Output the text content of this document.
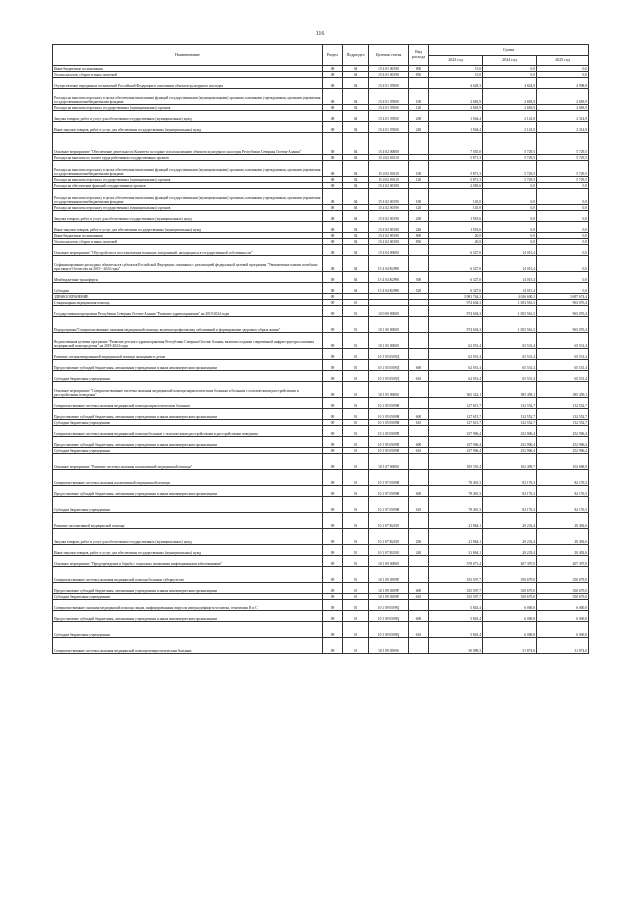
116
Наименование	Раздел	Подраздел	Целевая статья	Вид расхода	Сумма		
					2023 год	2024 год	2025 год
Иные бюджетные ассигнования	08	04	15 4 01 00190	800	15,0	0,0	0,0
Уплата налогов, сборов и иных платежей	08	04	15 4 01 00190	850	15,0	0,0	0,0
Осуществление переданных полномочий Российской Федерации в отношении объектов культурного наследия	08	04	15 4 01 59500		4 628,3	4 824,9	4 998,8
Расходы на выплаты персоналу в целях обеспечения выполнения функций государственными (муниципальными) органами, казенными учреждениями, органами управления государственными внебюджетными фондами	08	04	15 4 01 59500	100	2 683,9	2 683,9	2 683,9
Расходы на выплаты персоналу государственных (муниципальных) органов	08	04	15 4 01 59500	120	2 683,9	2 683,9	2 683,9
Закупка товаров, работ и услуг для обеспечения государственных (муниципальных) нужд	08	04	15 4 01 59500	200	1 944,4	2 141,0	2 314,9
Иные закупки товаров, работ и услуг для обеспечения государственных (муниципальных) нужд	08	04	15 4 01 59500	240	1 944,4	2 141,0	2 314,9
Основное мероприятие "Обеспечение деятельности Комитета по охране и использованию объектов культурного наследия Республики Северная Осетия-Алания"	08	04	15 4 02 00000		7 055,0	5 729,5	5 729,5
Расходы на выплаты по оплате труда работников государственных органов	08	04	15 4 02 00110		5 871,3	5 729,5	5 729,5
Расходы на выплаты персоналу в целях обеспечения выполнения функций государственными (муниципальными) органами, казенными учреждениями, органами управления государственными внебюджетными фондами	08	04	15 4 02 00110	100	5 871,3	5 729,5	5 729,5
Расходы на выплаты персоналу государственных (муниципальных) органов	08	04	15 4 02 00110	120	5 871,3	5 729,5	5 729,5
Расходы на обеспечение функций государственных органов	08	04	15 4 02 00190		2 083,6	0,0	0,0
Расходы на выплаты персоналу в целях обеспечения выполнения функций государственными (муниципальными) органами, казенными учреждениями, органами управления государственными внебюджетными фондами	08	04	15 4 02 00190	100	145,0	0,0	0,0
Расходы на выплаты персоналу государственных (муниципальных) органов	08	04	15 4 02 00190	120	145,0	0,0	0,0
Закупка товаров, работ и услуг для обеспечения государственных (муниципальных) нужд	08	04	15 4 02 00190	200	1 918,6	0,0	0,0
Иные закупки товаров, работ и услуг для обеспечения государственных (муниципальных) нужд	08	04	15 4 02 00190	240	1 918,6	0,0	0,0
Иные бюджетные ассигнования	08	04	15 4 02 00190	800	20,0	0,0	0,0
Уплата налогов, сборов и иных платежей	08	04	15 4 02 00190	850	20,0	0,0	0,0
Основное мероприятие "Обустройство и восстановление воинских захоронений, находящихся в государственной собственности"	08	04	15 4 04 00000		6 327,0	14 015,4	0,0
Софинансирование расходных обязательств субъектов Российской Федерации, связанных с реализацией федеральной целевой программы "Увековечение памяти погибших при защите Отечества на 2019 - 2024 годы"	08	04	15 4 04 R2990		6 327,0	14 015,4	0,0
Межбюджетные трансферты	08	04	15 4 04 R2990	500	6 327,0	14 015,4	0,0
Субсидии	08	04	15 4 04 R2990	520	6 327,0	14 015,4	0,0
ЗДРАВООХРАНЕНИЕ	09				3 981 764,2	4 026 600,3	3 697 674,4
Стационарная медицинская помощь	09	01			974 604,3	1 053 561,3	963 076,4
Государственная программа Республики Северная Осетия-Алания "Развитие здравоохранения" на 2019-2024 годы	09	01	10 0 00 00000		974 604,3	1 053 561,3	963 076,4
Подпрограмма"Совершенствование оказания медицинской помощи, включая профилактику заболеваний и формирование здорового образа жизни"	09	01	10 1 00 00000		974 604,3	1 053 561,3	963 076,4
Ведомственная целевая программа "Развитие детского здравоохранения Республики Северная Осетия-Алания, включая создание современной инфраструктуры оказания медицинской помощи детям" на 2019-2024 годы	09	01	10 1 05 00000		62 051,4	65 531,4	65 531,4
Развитие специализированной медицинской помощи женщинам и детям	09	01	10 1 05 0509Д		62 051,4	65 531,4	65 531,4
Предоставление субсидий бюджетным, автономным учреждениям и иным некоммерческим организациям	09	01	10 1 05 0509Д	600	62 051,4	65 531,4	65 531,4
Субсидии бюджетным учреждениям	09	01	10 1 05 0509Д	610	62 051,4	65 531,4	65 531,4
Основное мероприятие "Совершенствование системы оказания медицинской помощи наркологическим больным и больным с психическими расстройствами и расстройствами поведения"	09	01	10 1 05 00000		365 322,1	385 459,1	385 459,1
Совершенствование системы оказания медицинской помощи наркологическим больным	09	01	10 1 05 0509Н		127 615,7	132 552,7	132 552,7
Предоставление субсидий бюджетным, автономным учреждениям и иным некоммерческим организациям	09	01	10 1 05 0509Н	600	127 615,7	132 552,7	132 552,7
Субсидии бюджетным учреждениям	09	01	10 1 05 0509Н	610	127 615,7	132 552,7	132 552,7
Совершенствование системы оказания медицинской помощи больным с психическими расстройствами и расстройствами поведения	09	01	10 1 05 0509П		237 906,4	252 906,4	252 906,4
Предоставление субсидий бюджетным, автономным учреждениям и иным некоммерческим организациям	09	01	10 1 05 0509П	600	237 906,4	252 906,4	252 906,4
Субсидии бюджетным учреждениям	09	01	10 1 05 0509П	610	237 906,4	252 906,4	252 906,4
Основное мероприятие "Развитие системы оказания паллиативной медицинской помощи"	09	01	10 1 07 00000		100 355,4	102 409,7	102 668,9
Совершенствование системы оказания паллиативной медицинской помощи	09	01	10 1 07 0509Н		78 491,3	82 176,3	82 176,3
Предоставление субсидий бюджетным, автономным учреждениям и иным некоммерческим организациям	09	01	10 1 07 0509Н	600	78 491,3	82 176,3	82 176,3
Субсидии бюджетным учреждениям	09	01	10 1 07 0509Н	610	78 491,3	82 176,3	82 176,3
Развитие паллиативной медицинской помощи	09	01	10 1 07 R2010		21 864,1	20 233,4	20 492,6
Закупка товаров, работ и услуг для обеспечения государственных (муниципальных) нужд	09	01	10 1 07 R2010	200	21 864,1	20 233,4	20 492,6
Иные закупки товаров, работ и услуг для обеспечения государственных (муниципальных) нужд	09	01	10 1 07 R2010	240	21 864,1	20 233,4	20 492,6
Основное мероприятие "Предупреждение и борьба с социально значимыми инфекционными заболеваниями"	09	01	10 1 09 00000		378 071,4	407 397,0	407 397,0
Совершенствование системы оказания медицинской помощи больным туберкулезом	09	01	10 1 09 0509Р		335 597,7	350 679,0	350 679,0
Предоставление субсидий бюджетным, автономным учреждениям и иным некоммерческим организациям	09	01	10 1 09 0509Р	600	335 597,7	350 679,0	350 679,0
Субсидии бюджетным учреждениям	09	01	10 1 09 0509Р	610	335 597,7	350 679,0	350 679,0
Совершенствование оказания медицинской помощи лицам, инфицированным вирусом иммунодефицита человека, гепатитами В и С	09	01	10 1 09 0509Q		5 843,4	6 000,0	6 000,0
Предоставление субсидий бюджетным, автономным учреждениям и иным некоммерческим организациям	09	01	10 1 09 0509Q	600	5 843,4	6 000,0	6 000,0
Субсидии бюджетным учреждениям	09	01	10 1 09 0509Q	610	5 843,4	6 000,0	6 000,0
Совершенствование системы оказания медицинской помощи венерологическим больным	09	01	10 1 09 0509S		30 089,3	31 874,0	31 874,0
